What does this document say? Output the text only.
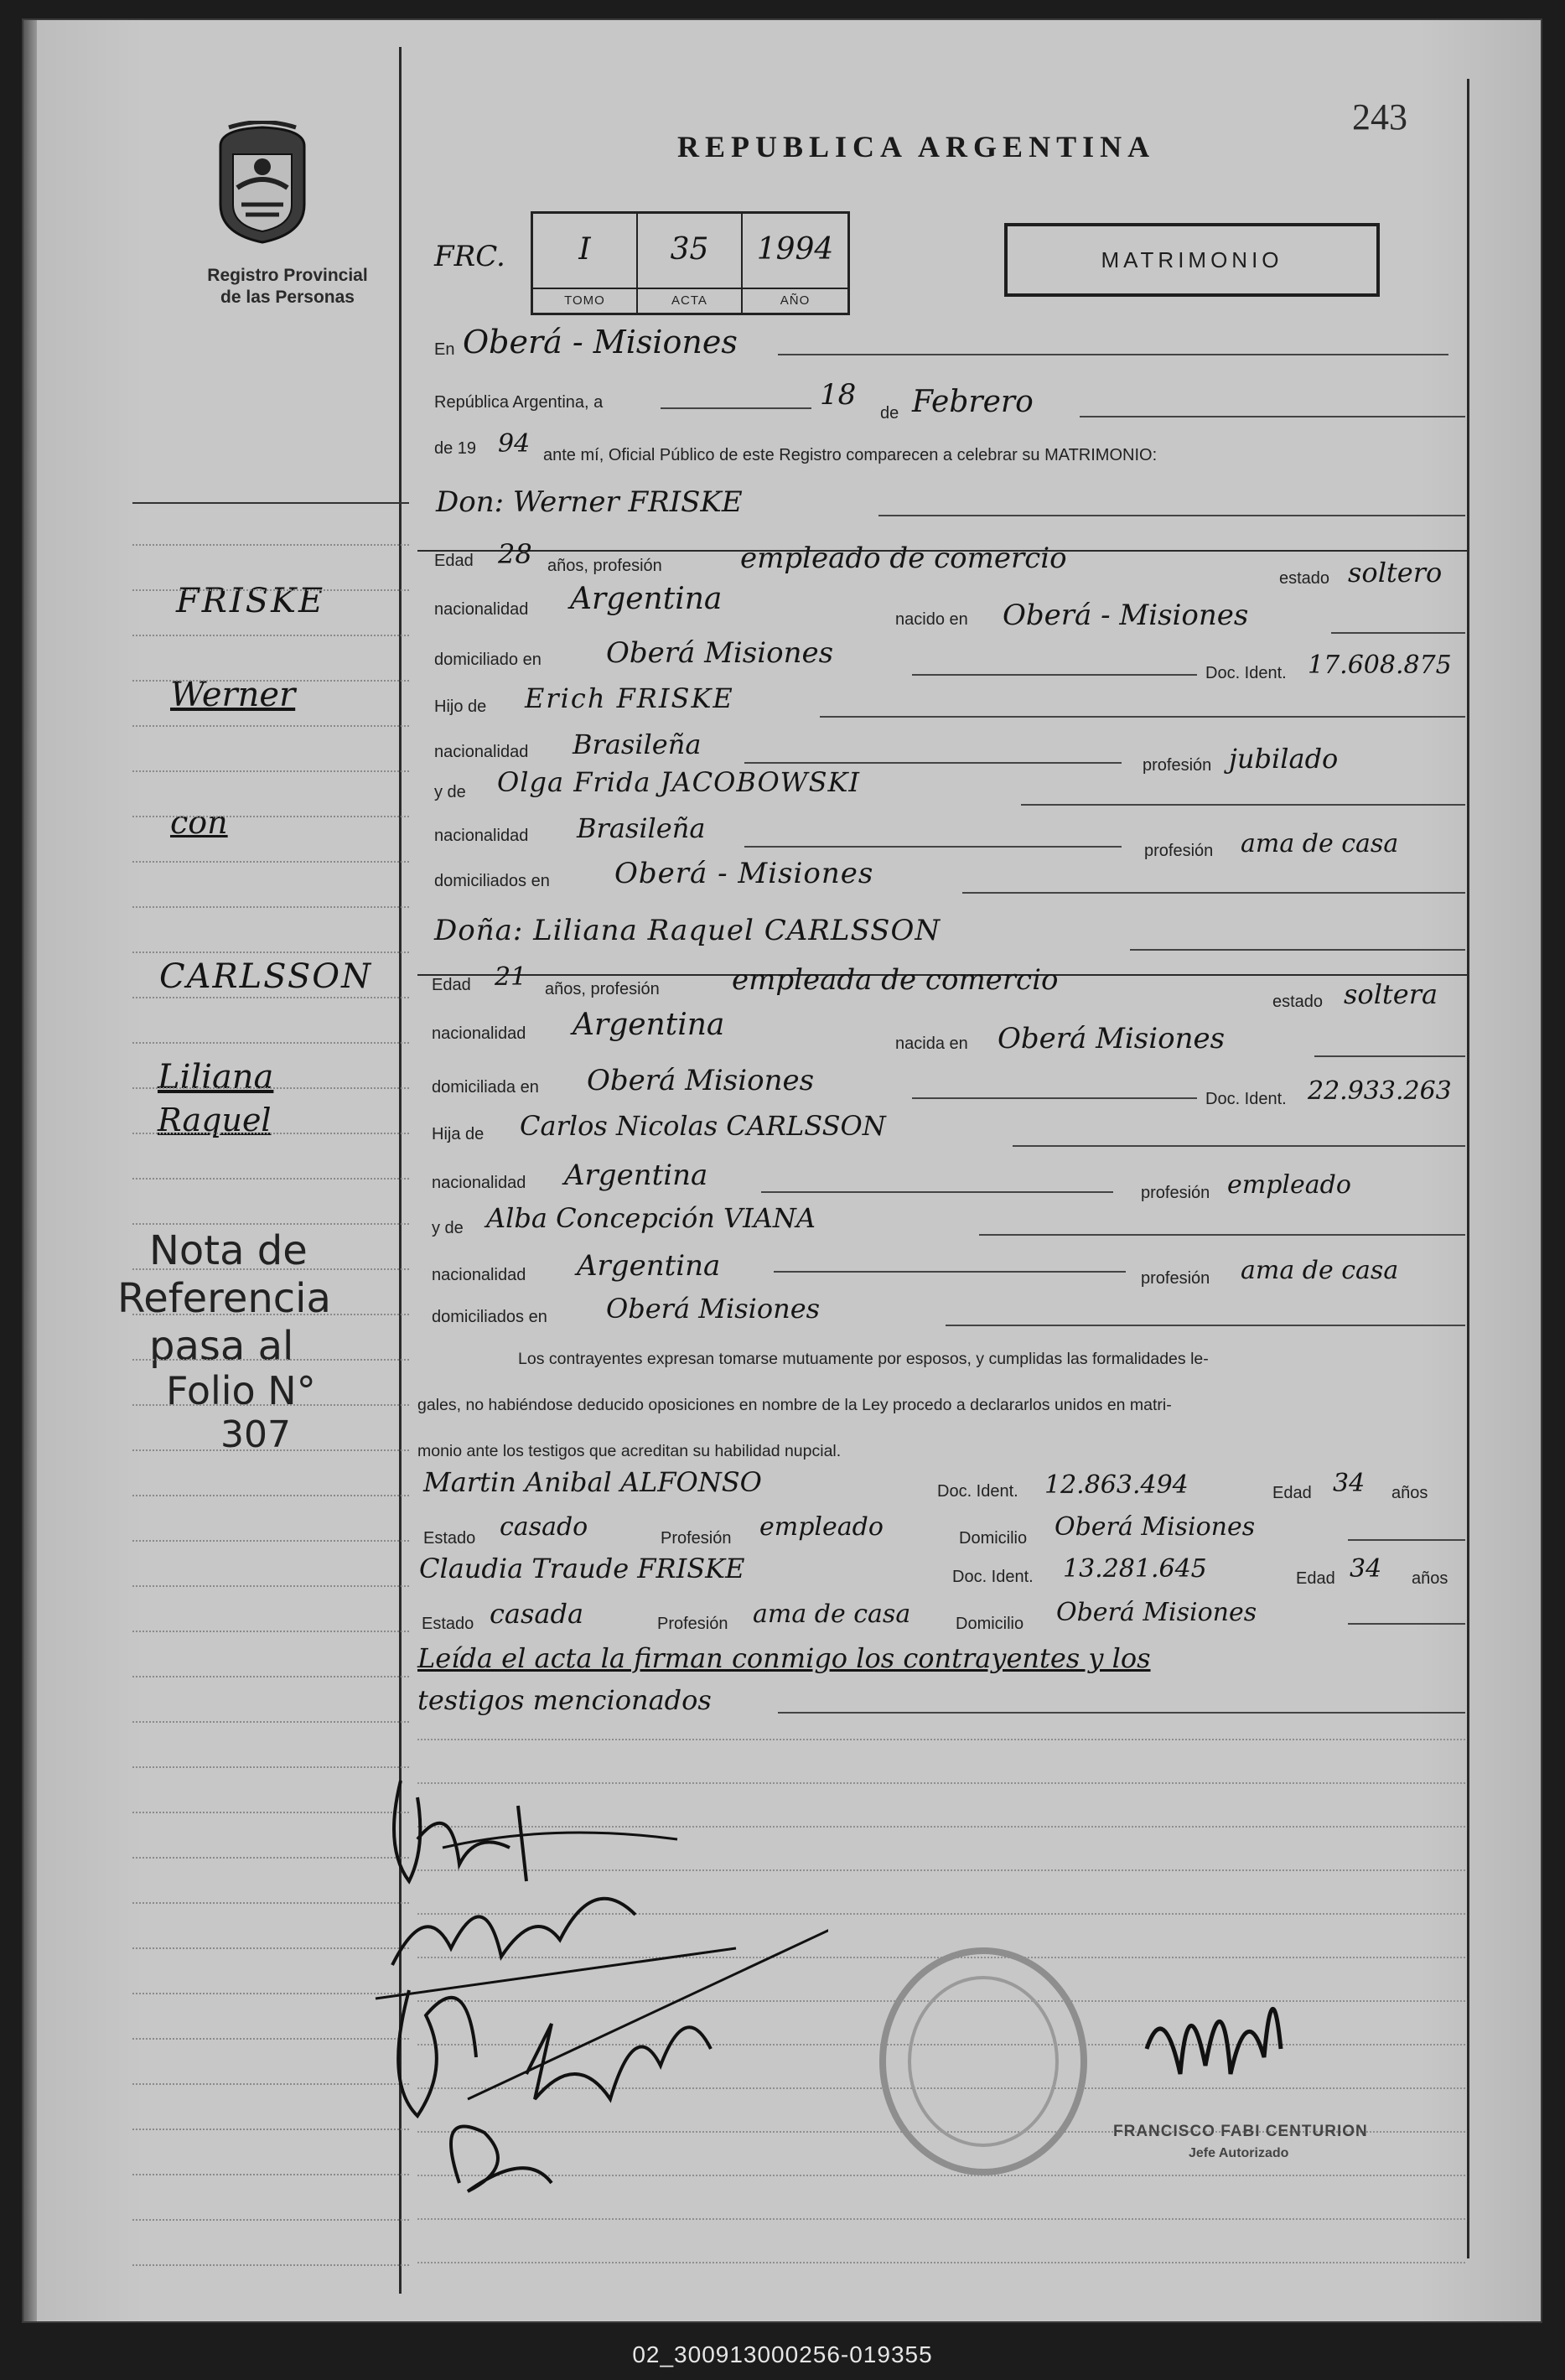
243
Registro Provincial
de las Personas
REPUBLICA ARGENTINA
FRC.	I
TOMO
35
ACTA
1994
AÑO
MATRIMONIO
En Oberá - Misiones
República Argentina, a	18
de Febrero
de 19 94 ante mí, Oficial Público de este Registro comparecen a celebrar su MATRIMONIO:
Don: Werner FRISKE
Edad 28 años, profesión	empleado de comercio
estado soltero
nacionalidad Argentina
nacido en Oberá - Misiones
domiciliado en Oberá Misiones
Doc. Ident. 17.608.875
Hijo de Erich FRISKE
nacionalidad Brasileña
profesión jubilado
y de Olga Frida JACOBOWSKI
nacionalidad Brasileña
profesión ama de casa
domiciliados en Oberá - Misiones
Doña: Liliana Raquel CARLSSON
Edad 21 años, profesión	empleada de comercio
estado soltera
nacionalidad Argentina
nacida en Oberá Misiones
domiciliada en Oberá Misiones
Doc. Ident. 22.933.263
Hija de Carlos Nicolas CARLSSON
nacionalidad Argentina
profesión empleado
y de Alba Concepción VIANA
nacionalidad Argentina	profesión ama de casa
domiciliados en Oberá Misiones
Los contrayentes expresan tomarse mutuamente por esposos, y cumplidas las formalidades le-
gales, no habiéndose deducido oposiciones en nombre de la Ley procedo a declararlos unidos en matri-
monio ante los testigos que acreditan su habilidad nupcial.
Martin Anibal ALFONSO	Doc. Ident. 12.863.494	Edad 34 años
Estado casado	Profesión empleado	Domicilio Oberá Misiones
Claudia Traude FRISKE	Doc. Ident. 13.281.645	Edad 34 años
Estado casada	Profesión ama de casa	Domicilio Oberá Misiones
Leída el acta la firman conmigo los contrayentes y los
testigos mencionados
FRISKE
Werner
con
CARLSSON
Liliana
Raquel
Nota de
Referencia
pasa al
Folio N°
307
FRANCISCO FABI CENTURION
Jefe Autorizado
02_300913000256-019355
